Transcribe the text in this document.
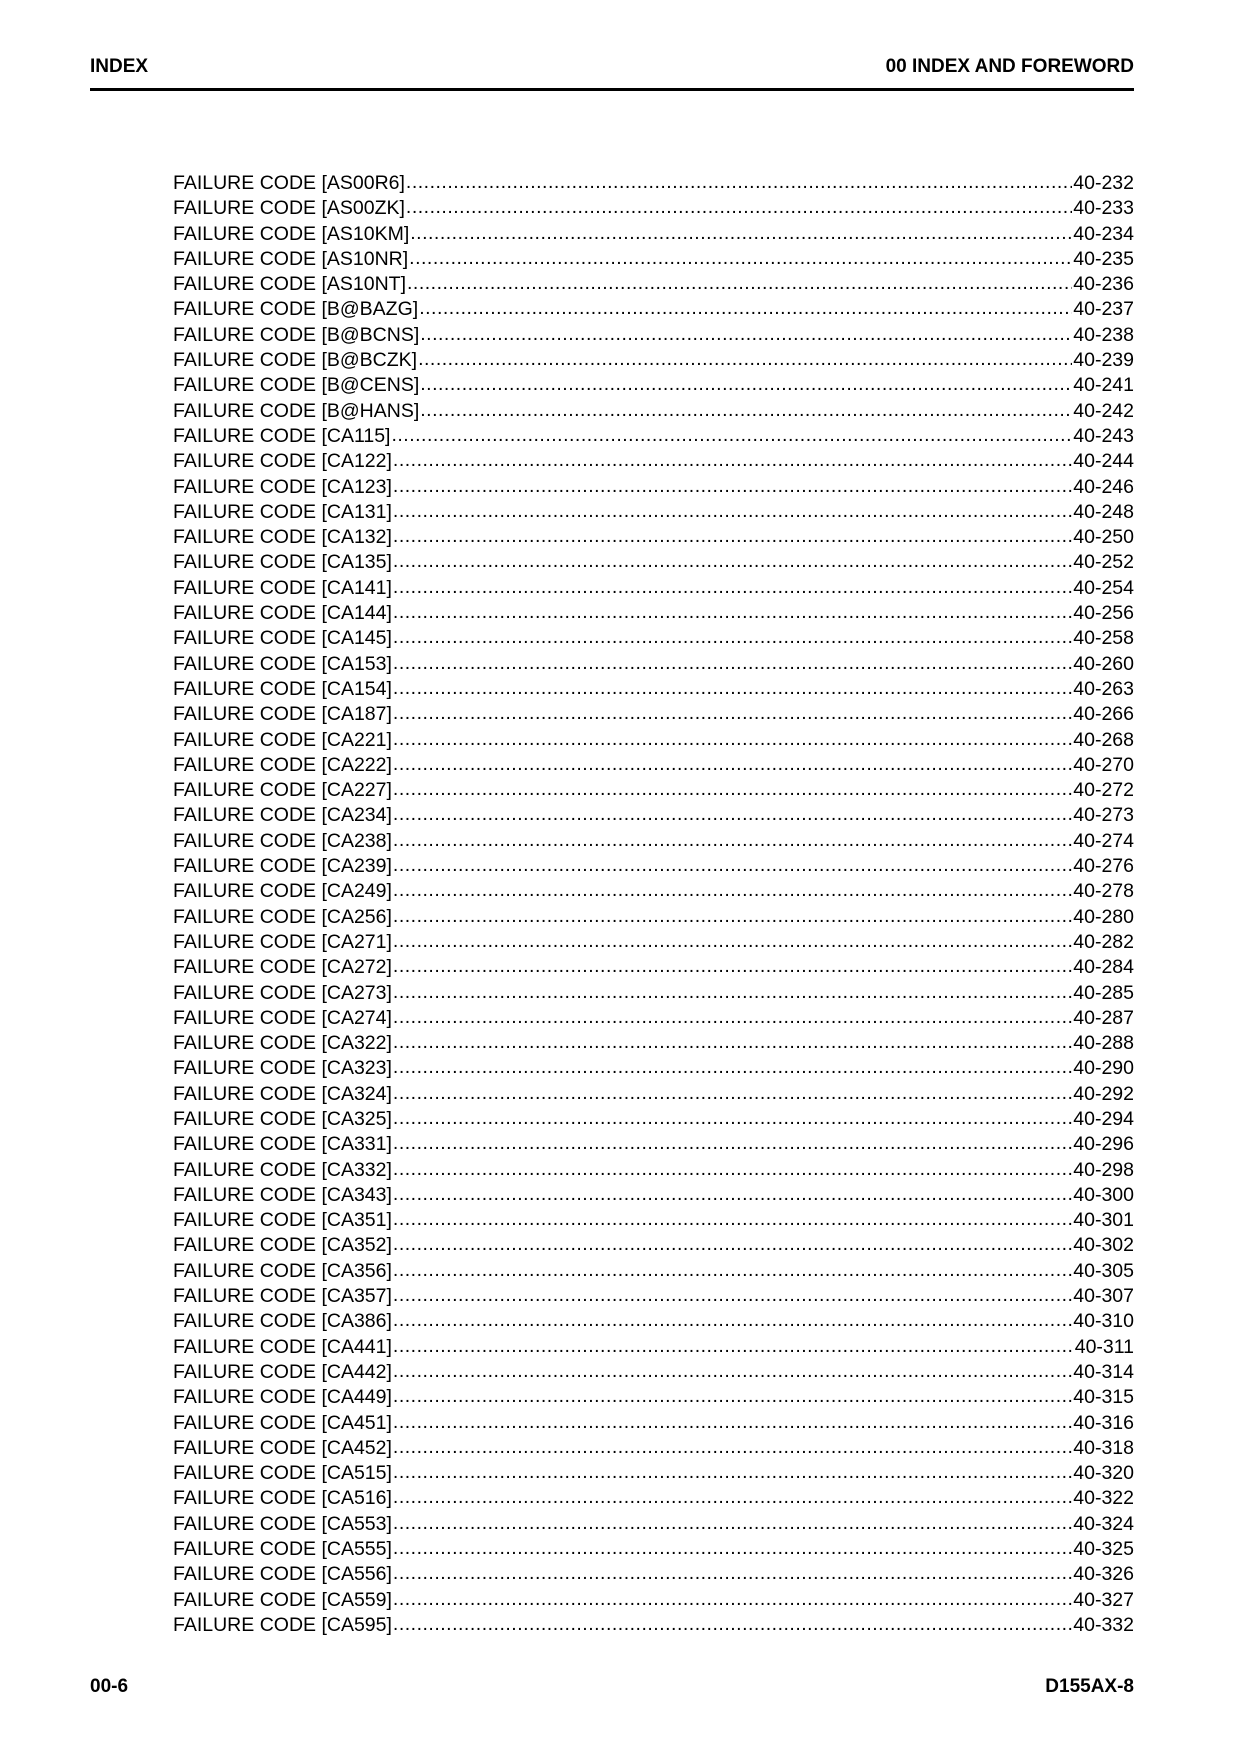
INDEX	00 INDEX AND FOREWORD
FAILURE CODE [AS00R6] .....	40-232
FAILURE CODE [AS00ZK] .....	40-233
FAILURE CODE [AS10KM] .....	40-234
FAILURE CODE [AS10NR] .....	40-235
FAILURE CODE [AS10NT] .....	40-236
FAILURE CODE [B@BAZG] .....	40-237
FAILURE CODE [B@BCNS] .....	40-238
FAILURE CODE [B@BCZK] .....	40-239
FAILURE CODE [B@CENS] .....	40-241
FAILURE CODE [B@HANS] .....	40-242
FAILURE CODE [CA115] .....	40-243
FAILURE CODE [CA122] .....	40-244
FAILURE CODE [CA123] .....	40-246
FAILURE CODE [CA131] .....	40-248
FAILURE CODE [CA132] .....	40-250
FAILURE CODE [CA135] .....	40-252
FAILURE CODE [CA141] .....	40-254
FAILURE CODE [CA144] .....	40-256
FAILURE CODE [CA145] .....	40-258
FAILURE CODE [CA153] .....	40-260
FAILURE CODE [CA154] .....	40-263
FAILURE CODE [CA187] .....	40-266
FAILURE CODE [CA221] .....	40-268
FAILURE CODE [CA222] .....	40-270
FAILURE CODE [CA227] .....	40-272
FAILURE CODE [CA234] .....	40-273
FAILURE CODE [CA238] .....	40-274
FAILURE CODE [CA239] .....	40-276
FAILURE CODE [CA249] .....	40-278
FAILURE CODE [CA256] .....	40-280
FAILURE CODE [CA271] .....	40-282
FAILURE CODE [CA272] .....	40-284
FAILURE CODE [CA273] .....	40-285
FAILURE CODE [CA274] .....	40-287
FAILURE CODE [CA322] .....	40-288
FAILURE CODE [CA323] .....	40-290
FAILURE CODE [CA324] .....	40-292
FAILURE CODE [CA325] .....	40-294
FAILURE CODE [CA331] .....	40-296
FAILURE CODE [CA332] .....	40-298
FAILURE CODE [CA343] .....	40-300
FAILURE CODE [CA351] .....	40-301
FAILURE CODE [CA352] .....	40-302
FAILURE CODE [CA356] .....	40-305
FAILURE CODE [CA357] .....	40-307
FAILURE CODE [CA386] .....	40-310
FAILURE CODE [CA441] .....	40-311
FAILURE CODE [CA442] .....	40-314
FAILURE CODE [CA449] .....	40-315
FAILURE CODE [CA451] .....	40-316
FAILURE CODE [CA452] .....	40-318
FAILURE CODE [CA515] .....	40-320
FAILURE CODE [CA516] .....	40-322
FAILURE CODE [CA553] .....	40-324
FAILURE CODE [CA555] .....	40-325
FAILURE CODE [CA556] .....	40-326
FAILURE CODE [CA559] .....	40-327
FAILURE CODE [CA595] .....	40-332
00-6	D155AX-8
